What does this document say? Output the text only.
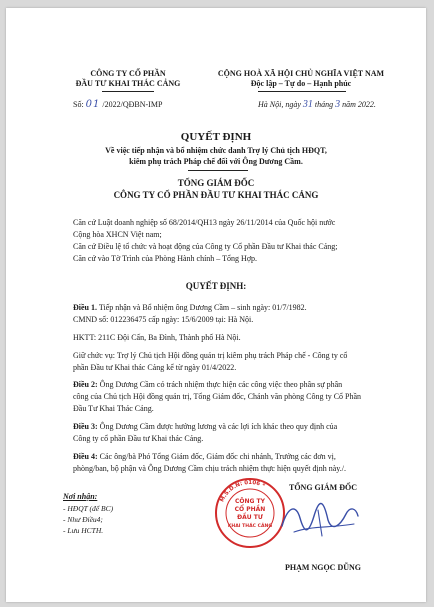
CÔNG TY CỔ PHẦN
ĐẦU TƯ KHAI THÁC CẢNG
CỘNG HOÀ XÃ HỘI CHỦ NGHĨA VIỆT NAM
Độc lập – Tự do – Hạnh phúc
Số: 01 /2022/QĐBN-IMP	Hà Nội, ngày 31 tháng 3 năm 2022.
QUYẾT ĐỊNH
Về việc tiếp nhận và bổ nhiệm chức danh Trợ lý Chủ tịch HĐQT,
kiêm phụ trách Pháp chế đối với Ông Dương Cầm.
TỔNG GIÁM ĐỐC
CÔNG TY CỔ PHẦN ĐẦU TƯ KHAI THÁC CẢNG
Căn cứ Luật doanh nghiệp số 68/2014/QH13 ngày 26/11/2014 của Quốc hội nước
Cộng hòa XHCN Việt nam;
Căn cứ Điều lệ tổ chức và hoạt động của Công ty Cổ phần Đầu tư Khai thác Cảng;
Căn cứ vào Tờ Trình của Phòng Hành chính – Tổng Hợp.
QUYẾT ĐỊNH:
Điều 1. Tiếp nhận và Bổ nhiệm ông Dương Cầm – sinh ngày: 01/7/1982.
CMND số: 012236475 cấp ngày: 15/6/2009 tại: Hà Nội.
HKTT: 211C Đội Cấn, Ba Đình, Thành phố Hà Nội.
Giữ chức vụ: Trợ lý Chủ tịch Hội đồng quản trị kiêm phụ trách Pháp chế - Công ty cổ
phần Đầu tư Khai thác Cảng kể từ ngày 01/4/2022.
Điều 2: Ông Dương Cầm có trách nhiệm thực hiện các công việc theo phân sự phân
công của Chủ tịch Hội đồng quản trị, Tổng Giám đốc, Chánh văn phòng Công ty Cổ Phần
Đầu Tư Khai Thác Cảng.
Điều 3: Ông Dương Cầm được hưởng lương và các lợi ích khác theo quy định của
Công ty cổ phần Đầu tư Khai thác Cảng.
Điều 4: Các ông/bà Phó Tổng Giám đốc, Giám đốc chi nhánh, Trưởng các đơn vị,
phòng/ban, bộ phận và Ông Dương Cầm chịu trách nhiệm thực hiện quyết định này./.
Nơi nhận:
- HĐQT (để BC)
- Như Điều4;
- Lưu HCTH.
TỔNG GIÁM ĐỐC
M.S.D.N: 0106 *
CÔNG TY
CỔ PHẦN
ĐẦU TƯ
KHAI THÁC CẢNG
PHẠM NGỌC DŨNG
